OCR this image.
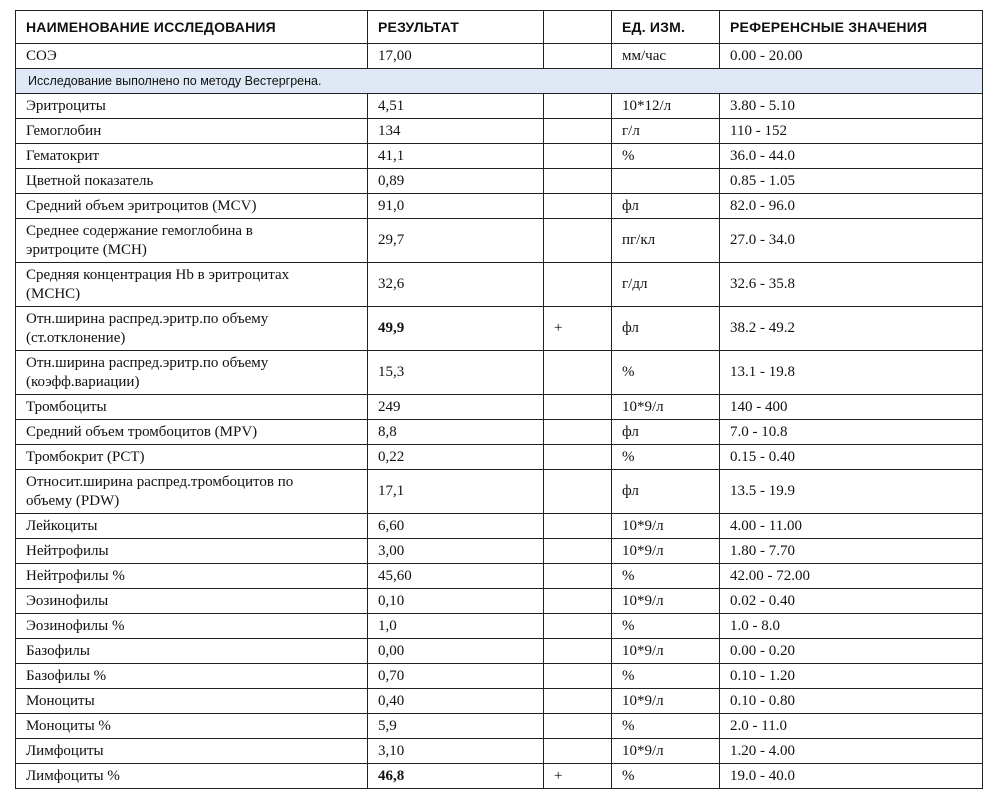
НАИМЕНОВАНИЕ ИССЛЕДОВАНИЯ	РЕЗУЛЬТАТ		ЕД. ИЗМ.	РЕФЕРЕНСНЫЕ ЗНАЧЕНИЯ
СОЭ	17,00		мм/час	0.00 - 20.00
Исследование выполнено по методу Вестергрена.				
Эритроциты	4,51		10*12/л	3.80 - 5.10
Гемоглобин	134		г/л	110 - 152
Гематокрит	41,1		%	36.0 - 44.0
Цветной показатель	0,89			0.85 - 1.05
Средний объем эритроцитов (MCV)	91,0		фл	82.0 - 96.0

Среднее содержание гемоглобина в
эритроците (MCH)	29,7		пг/кл	27.0 - 34.0

Средняя концентрация Hb в эритроцитах
(MCHC)	32,6		г/дл	32.6 - 35.8

Отн.ширина распред.эритр.по объему
(ст.отклонение)	49,9	+	фл	38.2 - 49.2

Отн.ширина распред.эритр.по объему
(коэфф.вариации)	15,3		%	13.1 - 19.8
Тромбоциты	249		10*9/л	140 - 400
Средний объем тромбоцитов (MPV)	8,8		фл	7.0 - 10.8
Тромбокрит (PCT)	0,22		%	0.15 - 0.40

Относит.ширина распред.тромбоцитов по
объему (PDW)	17,1		фл	13.5 - 19.9
Лейкоциты	6,60		10*9/л	4.00 - 11.00
Нейтрофилы	3,00		10*9/л	1.80 - 7.70
Нейтрофилы %	45,60		%	42.00 - 72.00
Эозинофилы	0,10		10*9/л	0.02 - 0.40
Эозинофилы %	1,0		%	1.0 - 8.0
Базофилы	0,00		10*9/л	0.00 - 0.20
Базофилы %	0,70		%	0.10 - 1.20
Моноциты	0,40		10*9/л	0.10 - 0.80
Моноциты %	5,9		%	2.0 - 11.0
Лимфоциты	3,10		10*9/л	1.20 - 4.00
Лимфоциты %	46,8	+	%	19.0 - 40.0
